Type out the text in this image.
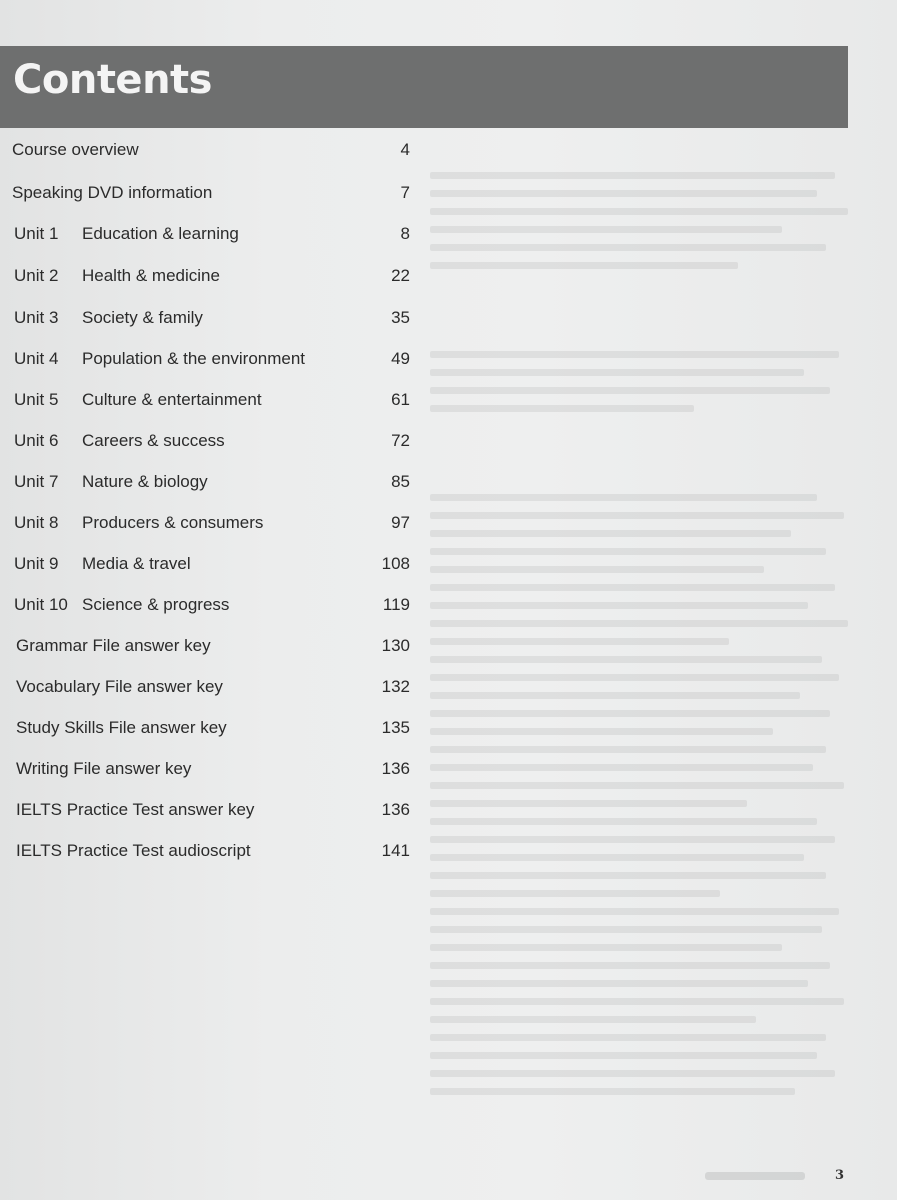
Contents
Course overview	4
Speaking DVD information	7
Unit 1 Education & learning	8
Unit 2 Health & medicine	22
Unit 3 Society & family	35
Unit 4 Population & the environment	49
Unit 5 Culture & entertainment	61
Unit 6 Careers & success	72
Unit 7 Nature & biology	85
Unit 8 Producers & consumers	97
Unit 9 Media & travel	108
Unit 10 Science & progress	119
Grammar File answer key	130
Vocabulary File answer key	132
Study Skills File answer key	135
Writing File answer key	136
IELTS Practice Test answer key	136
IELTS Practice Test audioscript	141
3
